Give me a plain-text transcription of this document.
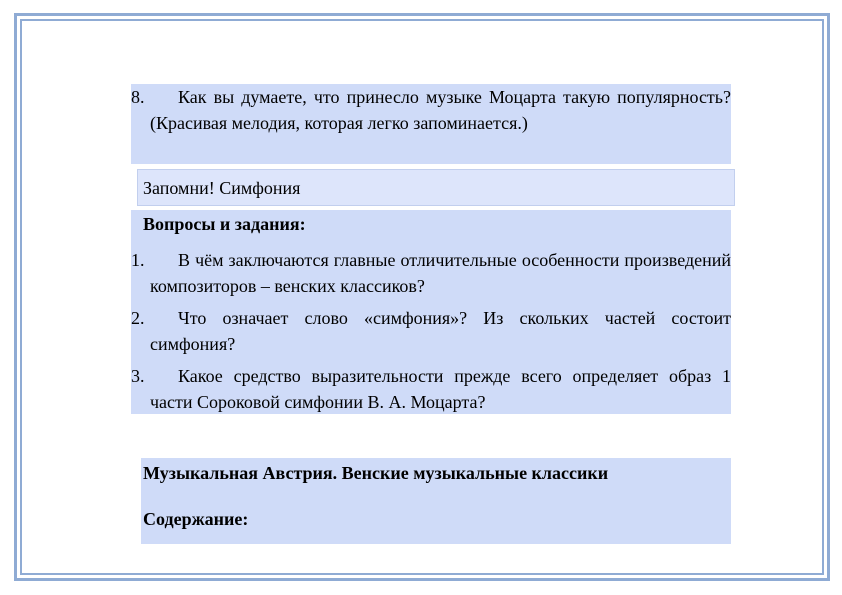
8. Как вы думаете, что принесло музыке Моцарта такую популярность? (Красивая мелодия, которая легко запоминается.)
Запомни! Симфония
Вопросы и задания:
1. В чём заключаются главные отличительные особенности произведений композиторов – венских классиков?
2. Что означает слово «симфония»? Из скольких частей состоит симфония?
3. Какое средство выразительности прежде всего определяет образ 1 части Сороковой симфонии В. А. Моцарта?
Музыкальная Австрия. Венские музыкальные классики
Содержание:
